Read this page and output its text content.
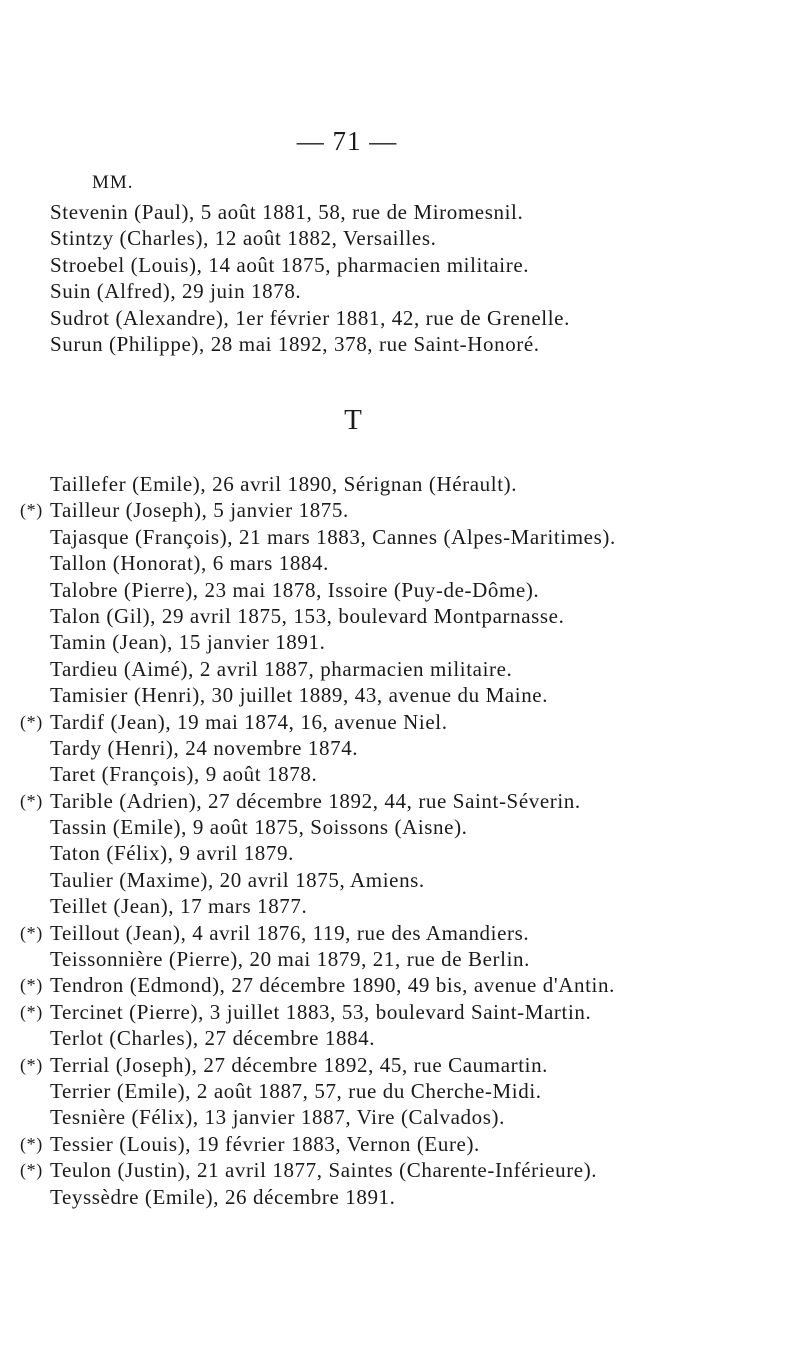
— 71 —
MM.
Stevenin (Paul), 5 août 1881, 58, rue de Miromesnil.
Stintzy (Charles), 12 août 1882, Versailles.
Stroebel (Louis), 14 août 1875, pharmacien militaire.
Suin (Alfred), 29 juin 1878.
Sudrot (Alexandre), 1er février 1881, 42, rue de Grenelle.
Surun (Philippe), 28 mai 1892, 378, rue Saint-Honoré.
T
Taillefer (Emile), 26 avril 1890, Sérignan (Hérault).
(*) Tailleur (Joseph), 5 janvier 1875.
Tajasque (François), 21 mars 1883, Cannes (Alpes-Maritimes).
Tallon (Honorat), 6 mars 1884.
Talobre (Pierre), 23 mai 1878, Issoire (Puy-de-Dôme).
Talon (Gil), 29 avril 1875, 153, boulevard Montparnasse.
Tamin (Jean), 15 janvier 1891.
Tardieu (Aimé), 2 avril 1887, pharmacien militaire.
Tamisier (Henri), 30 juillet 1889, 43, avenue du Maine.
(*) Tardif (Jean), 19 mai 1874, 16, avenue Niel.
Tardy (Henri), 24 novembre 1874.
Taret (François), 9 août 1878.
(*) Tarible (Adrien), 27 décembre 1892, 44, rue Saint-Séverin.
Tassin (Emile), 9 août 1875, Soissons (Aisne).
Taton (Félix), 9 avril 1879.
Taulier (Maxime), 20 avril 1875, Amiens.
Teillet (Jean), 17 mars 1877.
(*) Teillout (Jean), 4 avril 1876, 119, rue des Amandiers.
Teissonnière (Pierre), 20 mai 1879, 21, rue de Berlin.
(*) Tendron (Edmond), 27 décembre 1890, 49 bis, avenue d'Antin.
(*) Tercinet (Pierre), 3 juillet 1883, 53, boulevard Saint-Martin.
Terlot (Charles), 27 décembre 1884.
(*) Terrial (Joseph), 27 décembre 1892, 45, rue Caumartin.
Terrier (Emile), 2 août 1887, 57, rue du Cherche-Midi.
Tesnière (Félix), 13 janvier 1887, Vire (Calvados).
(*) Tessier (Louis), 19 février 1883, Vernon (Eure).
(*) Teulon (Justin), 21 avril 1877, Saintes (Charente-Inférieure).
Teyssèdre (Emile), 26 décembre 1891.
